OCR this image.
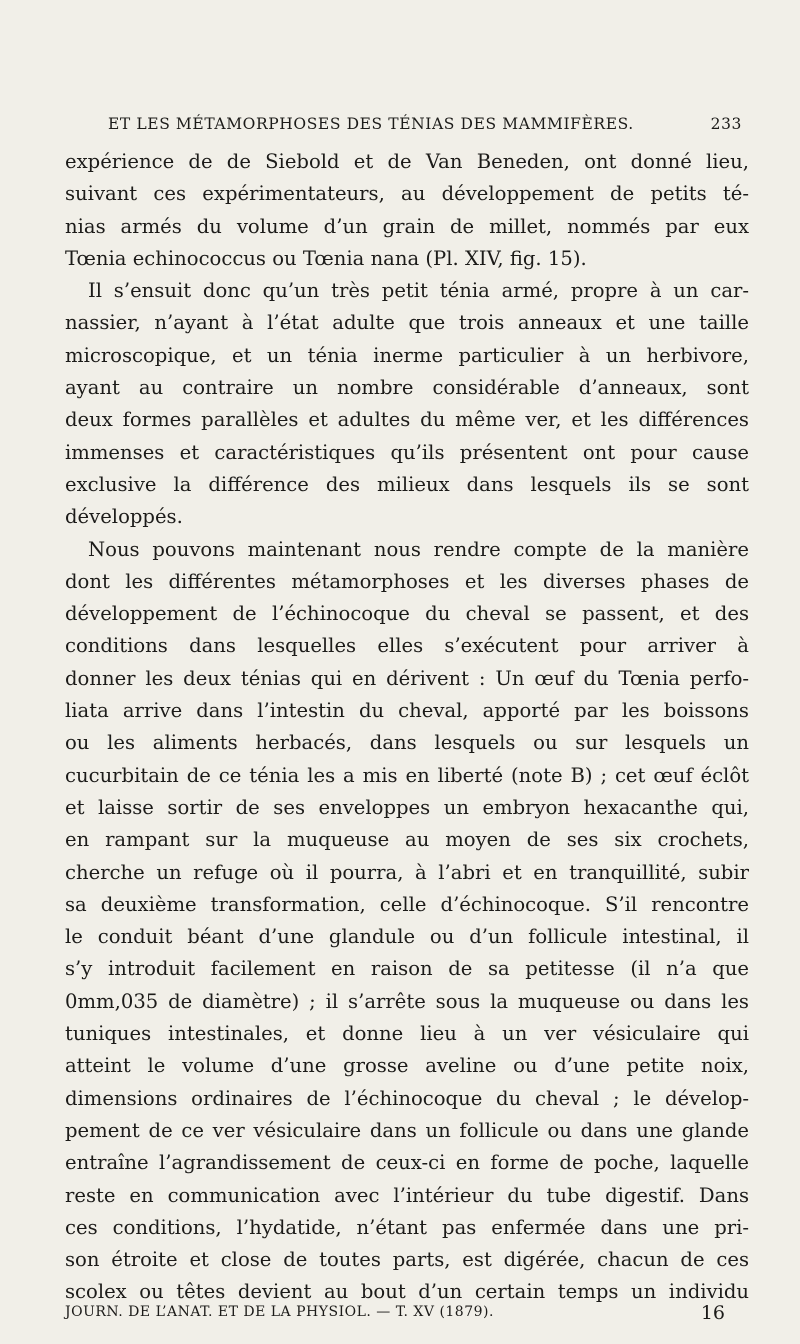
ET LES MÉTAMORPHOSES DES TÉNIAS DES MAMMIFÈRES.	233
expérience de de Siebold et de Van Beneden, ont donné lieu,
suivant ces expérimentateurs, au développement de petits té-
nias armés du volume d’un grain de millet, nommés par eux
Tœnia echinococcus ou Tœnia nana (Pl. XIV, fig. 15).
Il s’ensuit donc qu’un très petit ténia armé, propre à un car-
nassier, n’ayant à l’état adulte que trois anneaux et une taille
microscopique, et un ténia inerme particulier à un herbivore,
ayant au contraire un nombre considérable d’anneaux, sont
deux formes parallèles et adultes du même ver, et les différences
immenses et caractéristiques qu’ils présentent ont pour cause
exclusive la différence des milieux dans lesquels ils se sont
développés.
Nous pouvons maintenant nous rendre compte de la manière
dont les différentes métamorphoses et les diverses phases de
développement de l’échinocoque du cheval se passent, et des
conditions dans lesquelles elles s’exécutent pour arriver à
donner les deux ténias qui en dérivent : Un œuf du Tœnia perfo-
liata arrive dans l’intestin du cheval, apporté par les boissons
ou les aliments herbacés, dans lesquels ou sur lesquels un
cucurbitain de ce ténia les a mis en liberté (note B) ; cet œuf éclôt
et laisse sortir de ses enveloppes un embryon hexacanthe qui,
en rampant sur la muqueuse au moyen de ses six crochets,
cherche un refuge où il pourra, à l’abri et en tranquillité, subir
sa deuxième transformation, celle d’échinocoque. S’il rencontre
le conduit béant d’une glandule ou d’un follicule intestinal, il
s’y introduit facilement en raison de sa petitesse (il n’a que
0mm,035 de diamètre) ; il s’arrête sous la muqueuse ou dans les
tuniques intestinales, et donne lieu à un ver vésiculaire qui
atteint le volume d’une grosse aveline ou d’une petite noix,
dimensions ordinaires de l’échinocoque du cheval ; le dévelop-
pement de ce ver vésiculaire dans un follicule ou dans une glande
entraîne l’agrandissement de ceux-ci en forme de poche, laquelle
reste en communication avec l’intérieur du tube digestif. Dans
ces conditions, l’hydatide, n’étant pas enfermée dans une pri-
son étroite et close de toutes parts, est digérée, chacun de ces
scolex ou têtes devient au bout d’un certain temps un individu
JOURN. DE L’ANAT. ET DE LA PHYSIOL. — T. XV (1879).	16
